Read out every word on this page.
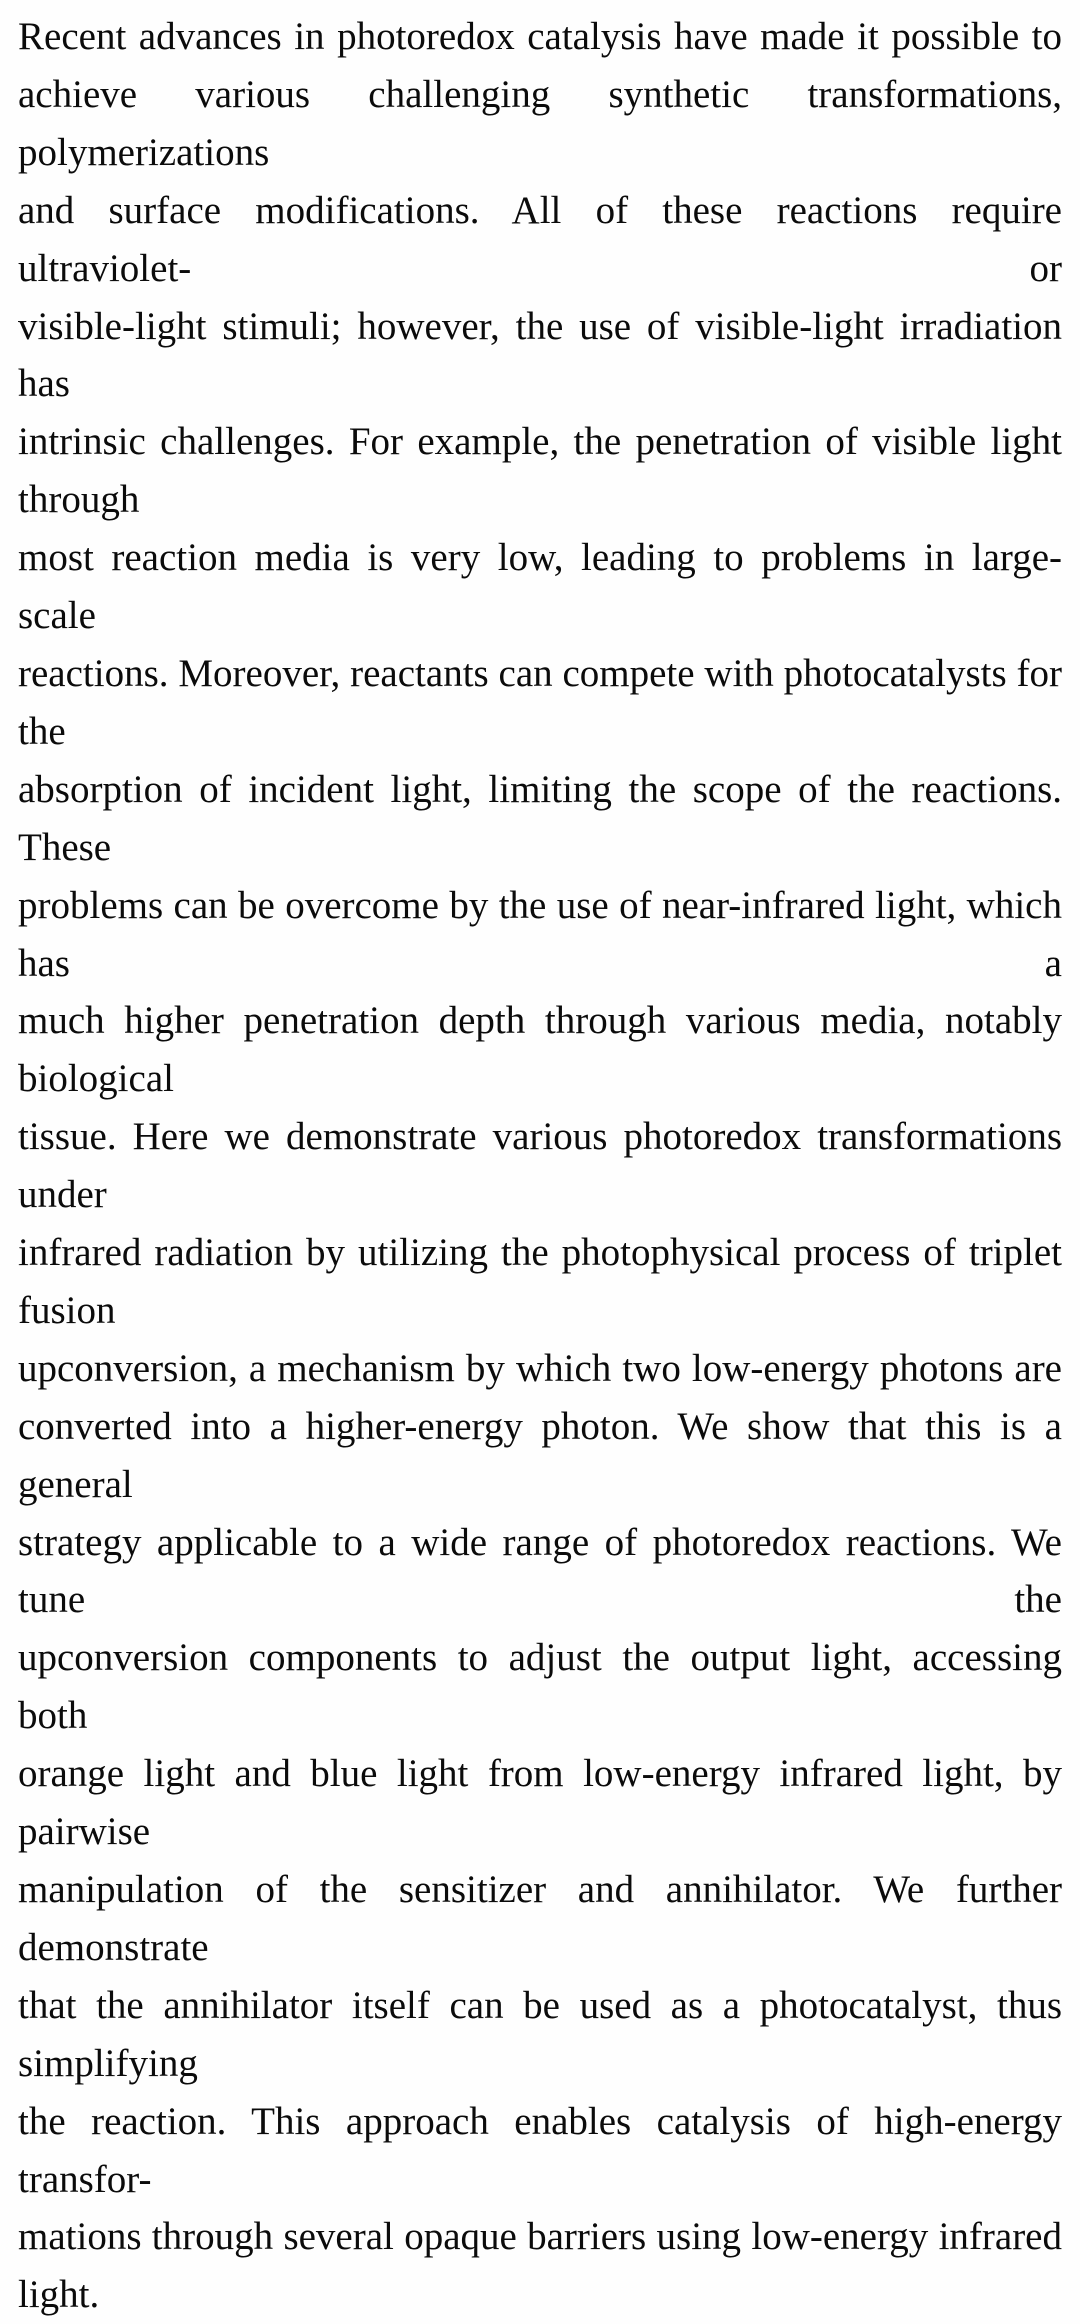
Recent advances in photoredox catalysis have made it possible to
achieve various challenging synthetic transformations, polymerizations
and surface modifications. All of these reactions require ultraviolet- or
visible-light stimuli; however, the use of visible-light irradiation has
intrinsic challenges. For example, the penetration of visible light through
most reaction media is very low, leading to problems in large-scale
reactions. Moreover, reactants can compete with photocatalysts for the
absorption of incident light, limiting the scope of the reactions. These
problems can be overcome by the use of near-infrared light, which has a
much higher penetration depth through various media, notably biological
tissue. Here we demonstrate various photoredox transformations under
infrared radiation by utilizing the photophysical process of triplet fusion
upconversion, a mechanism by which two low-energy photons are
converted into a higher-energy photon. We show that this is a general
strategy applicable to a wide range of photoredox reactions. We tune the
upconversion components to adjust the output light, accessing both
orange light and blue light from low-energy infrared light, by pairwise
manipulation of the sensitizer and annihilator. We further demonstrate
that the annihilator itself can be used as a photocatalyst, thus simplifying
the reaction. This approach enables catalysis of high-energy transfor-
mations through several opaque barriers using low-energy infrared light.
